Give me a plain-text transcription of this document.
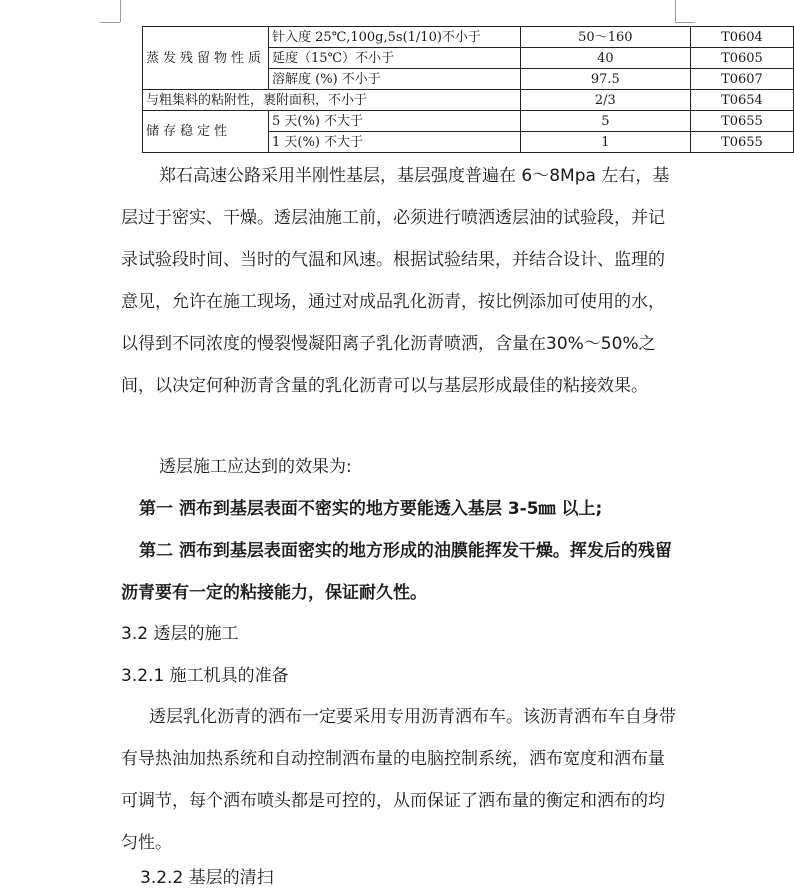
蒸发残留物性质	针入度 25℃,100g,5s(1/10)不小于	50～160	T0604
	延度（15℃）不小于	40	T0605
	溶解度 (%) 不小于	97.5	T0607
与粗集料的粘附性，裹附面积，不小于		2/3	T0654
储存稳定性	5 天(%) 不大于	5	T0655
	1 天(%) 不大于	1	T0655

郑石高速公路采用半刚性基层，基层强度普遍在 6～8Mpa 左右，基层过于密实、干燥。透层油施工前，必须进行喷洒透层油的试验段，并记录试验段时间、当时的气温和风速。根据试验结果，并结合设计、监理的意见，允许在施工现场，通过对成品乳化沥青，按比例添加可使用的水，以得到不同浓度的慢裂慢凝阳离子乳化沥青喷洒，含量在30%～50%之间，以决定何种沥青含量的乳化沥青可以与基层形成最佳的粘接效果。

透层施工应达到的效果为:

第一 洒布到基层表面不密实的地方要能透入基层 3-5㎜ 以上;

第二 洒布到基层表面密实的地方形成的油膜能挥发干燥。挥发后的残留沥青要有一定的粘接能力，保证耐久性。

3.2 透层的施工
3.2.1 施工机具的准备

透层乳化沥青的洒布一定要采用专用沥青洒布车。该沥青洒布车自身带有导热油加热系统和自动控制洒布量的电脑控制系统，洒布宽度和洒布量可调节，每个洒布喷头都是可控的，从而保证了洒布量的衡定和洒布的均匀性。

3.2.2 基层的清扫
